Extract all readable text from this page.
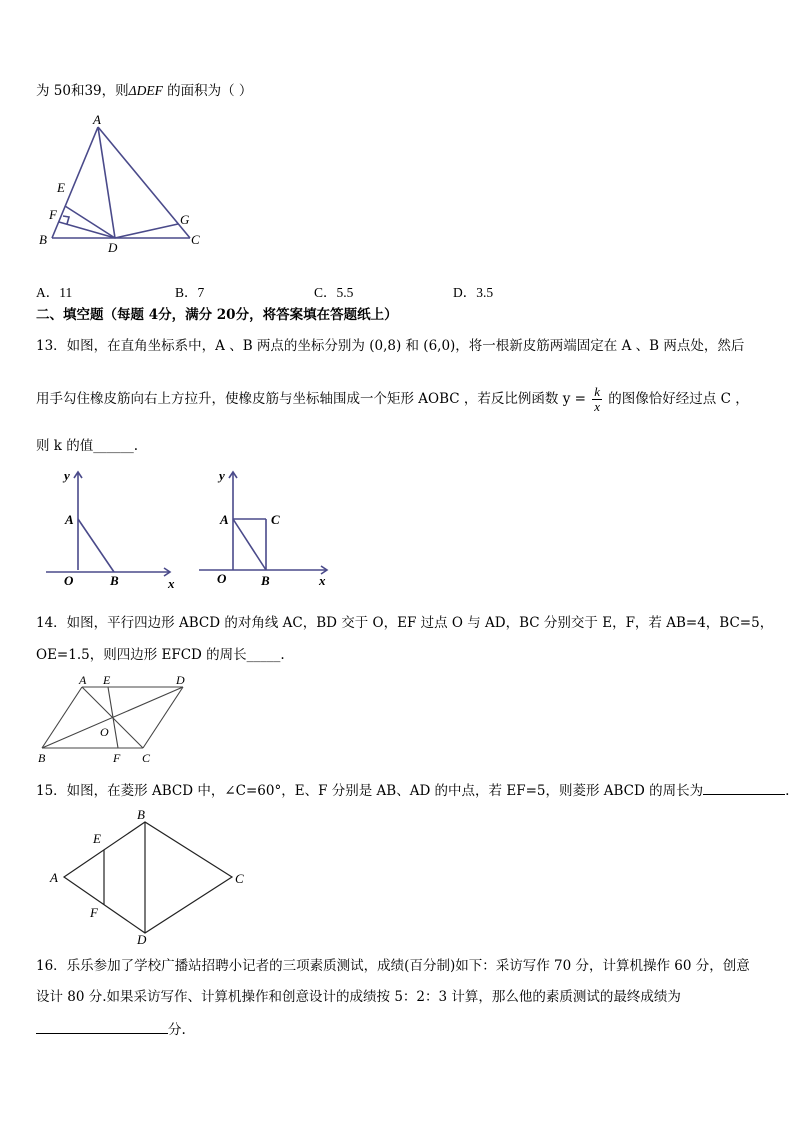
为 50和39，则ΔDEF 的面积为（ ）
A
E
F
B
D
G
C
A．11	B．7	C．5.5	D．3.5
二、填空题（每题 4分，满分 20分，将答案填在答题纸上）
13．如图，在直角坐标系中，A 、B 两点的坐标分别为 (0,8) 和 (6,0)，将一根新皮筋两端固定在 A 、B 两点处，然后
用手勾住橡皮筋向右上方拉升，使橡皮筋与坐标轴围成一个矩形 AOBC ，若反比例函数 $y = \frac{k}{x}$ 的图像恰好经过点 C ，
则 k 的值______.
y
A
O	B	x
y
A	C
O	B	x
14．如图，平行四边形 ABCD 的对角线 AC，BD 交于 O，EF 过点 O 与 AD，BC 分别交于 E，F，若 AB=4，BC=5，
OE=1.5，则四边形 EFCD 的周长_____.
A E	D
O
B	F C
15．如图，在菱形 ABCD 中，∠C=60°，E、F 分别是 AB、AD 的中点，若 EF=5，则菱形 ABCD 的周长为	.
B
E
A	C
F
D
16．乐乐参加了学校广播站招聘小记者的三项素质测试，成绩(百分制)如下：采访写作 70 分，计算机操作 60 分，创意
设计 80 分.如果采访写作、计算机操作和创意设计的成绩按 5：2：3 计算，那么他的素质测试的最终成绩为
分.
